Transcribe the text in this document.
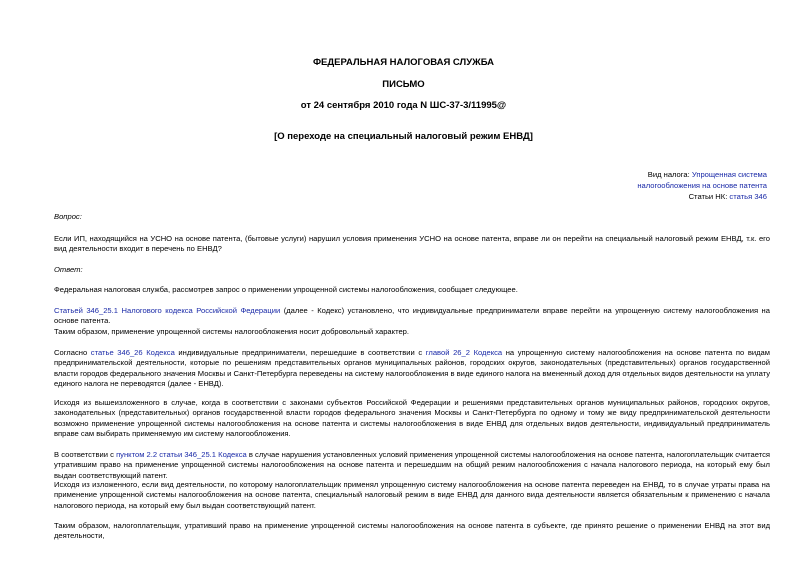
ФЕДЕРАЛЬНАЯ НАЛОГОВАЯ СЛУЖБА
ПИСЬМО
от 24 сентября 2010 года N ШС-37-3/11995@
[О переходе на специальный налоговый режим ЕНВД]
Вид налога: Упрощенная система
налогообложения на основе патента
Статьи НК: статья 346
Вопрос:
Если ИП, находящийся на УСНО на основе патента, (бытовые услуги) нарушил условия применения УСНО на основе патента, вправе ли он перейти на специальный налоговый режим ЕНВД, т.к. его вид деятельности входит в перечень по ЕНВД?
Ответ:
Федеральная налоговая служба, рассмотрев запрос о применении упрощенной системы налогообложения, сообщает следующее.
Статьей 346_25.1 Налогового кодекса Российской Федерации (далее - Кодекс) установлено, что индивидуальные предприниматели вправе перейти на упрощенную систему налогообложения на основе патента.
Таким образом, применение упрощенной системы налогообложения носит добровольный характер.
Согласно статье 346_26 Кодекса индивидуальные предприниматели, перешедшие в соответствии с главой 26_2 Кодекса на упрощенную систему налогообложения на основе патента по видам предпринимательской деятельности, которые по решениям представительных органов муниципальных районов, городских округов, законодательных (представительных) органов государственной власти городов федерального значения Москвы и Санкт-Петербурга переведены на систему налогообложения в виде единого налога на вмененный доход для отдельных видов деятельности на уплату единого налога не переводятся (далее - ЕНВД).
Исходя из вышеизложенного в случае, когда в соответствии с законами субъектов Российской Федерации и решениями представительных органов муниципальных районов, городских округов, законодательных (представительных) органов государственной власти городов федерального значения Москвы и Санкт-Петербурга по одному и тому же виду предпринимательской деятельности возможно применение упрощенной системы налогообложения на основе патента и системы налогообложения в виде ЕНВД для отдельных видов деятельности, индивидуальный предприниматель вправе сам выбирать применяемую им систему налогообложения.
В соответствии с пунктом 2.2 статьи 346_25.1 Кодекса в случае нарушения установленных условий применения упрощенной системы налогообложения на основе патента, налогоплательщик считается утратившим право на применение упрощенной системы налогообложения на основе патента и перешедшим на общий режим налогообложения с начала налогового периода, на который ему был выдан соответствующий патент.
Исходя из изложенного, если вид деятельности, по которому налогоплательщик применял упрощенную систему налогообложения на основе патента переведен на ЕНВД, то в случае утраты права на применение упрощенной системы налогообложения на основе патента, специальный налоговый режим в виде ЕНВД для данного вида деятельности является обязательным к применению с начала налогового периода, на который ему был выдан соответствующий патент.
Таким образом, налогоплательщик, утративший право на применение упрощенной системы налогообложения на основе патента в субъекте, где принято решение о применении ЕНВД на этот вид деятельности,
